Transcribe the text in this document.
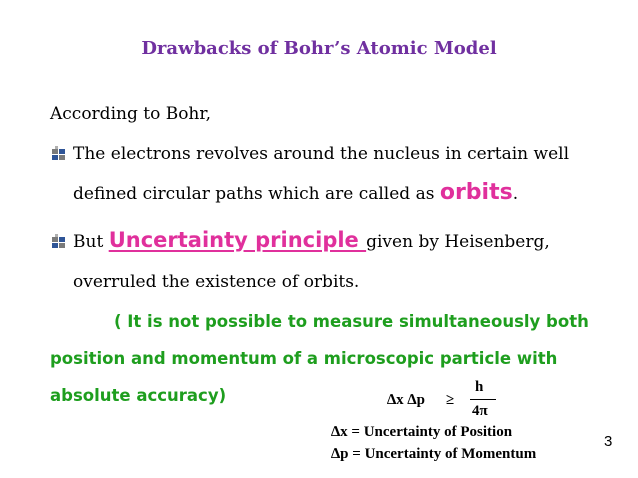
Drawbacks of Bohr’s Atomic Model
According to Bohr,
The electrons revolves around the nucleus in certain well
defined circular paths which are called as orbits.
But Uncertainty principle given by Heisenberg,
overruled the existence of orbits.
( It is not possible to measure simultaneously both
position and momentum of a microscopic particle with
absolute accuracy)	∆x ∆p ≥
h
4π
∆x = Uncertainty of Position
∆p = Uncertainty of Momentum
3
